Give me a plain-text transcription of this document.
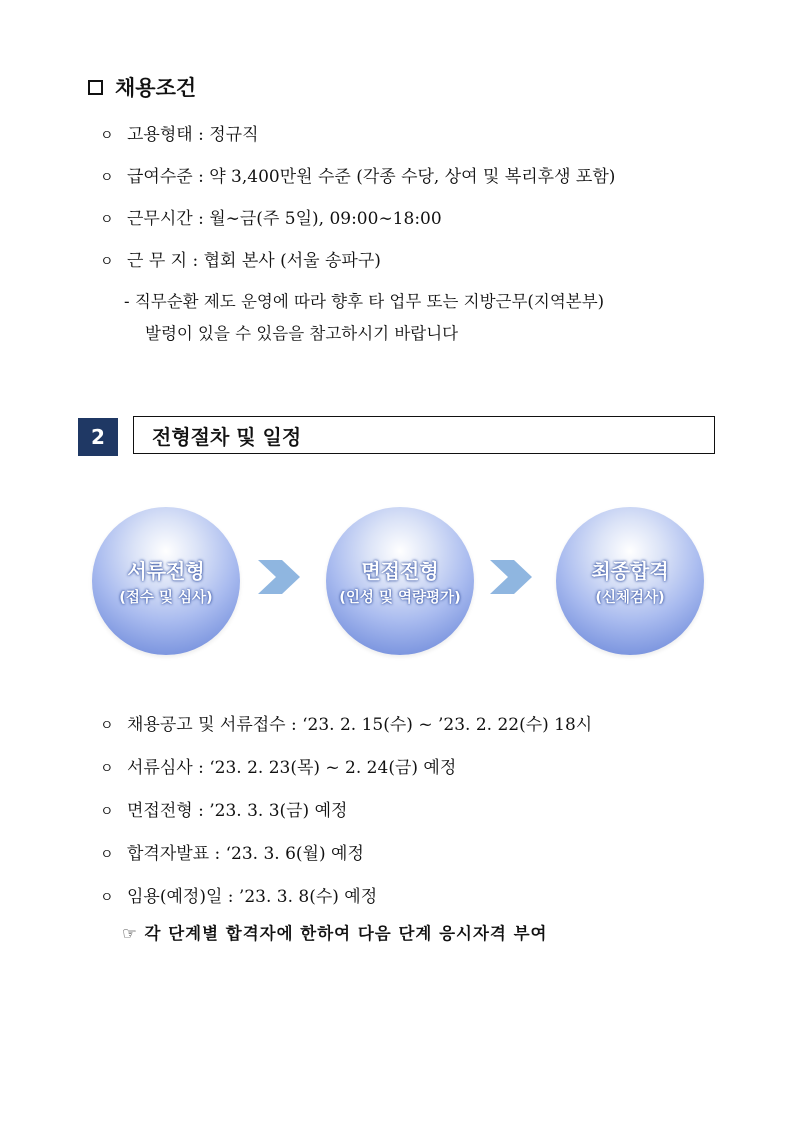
채용조건
ㅇ 고용형태 : 정규직
ㅇ 급여수준 : 약 3,400만원 수준 (각종 수당, 상여 및 복리후생 포함)
ㅇ 근무시간 : 월∼금(주 5일), 09:00∼18:00
ㅇ 근 무 지 : 협회 본사 (서울 송파구)
- 직무순환 제도 운영에 따라 향후 타 업무 또는 지방근무(지역본부)
발령이 있을 수 있음을 참고하시기 바랍니다
2	전형절차 및 일정
서류전형
(접수 및 심사)
면접전형
(인성 및 역량평가)
최종합격
(신체검사)
ㅇ 채용공고 및 서류접수 : ‘23. 2. 15(수) ~ ’23. 2. 22(수) 18시
ㅇ 서류심사 : ‘23. 2. 23(목) ~ 2. 24(금) 예정
ㅇ 면접전형 : ’23. 3. 3(금) 예정
ㅇ 합격자발표 : ‘23. 3. 6(월) 예정
ㅇ 임용(예정)일 : ’23. 3. 8(수) 예정
☞ 각 단계별 합격자에 한하여 다음 단계 응시자격 부여
